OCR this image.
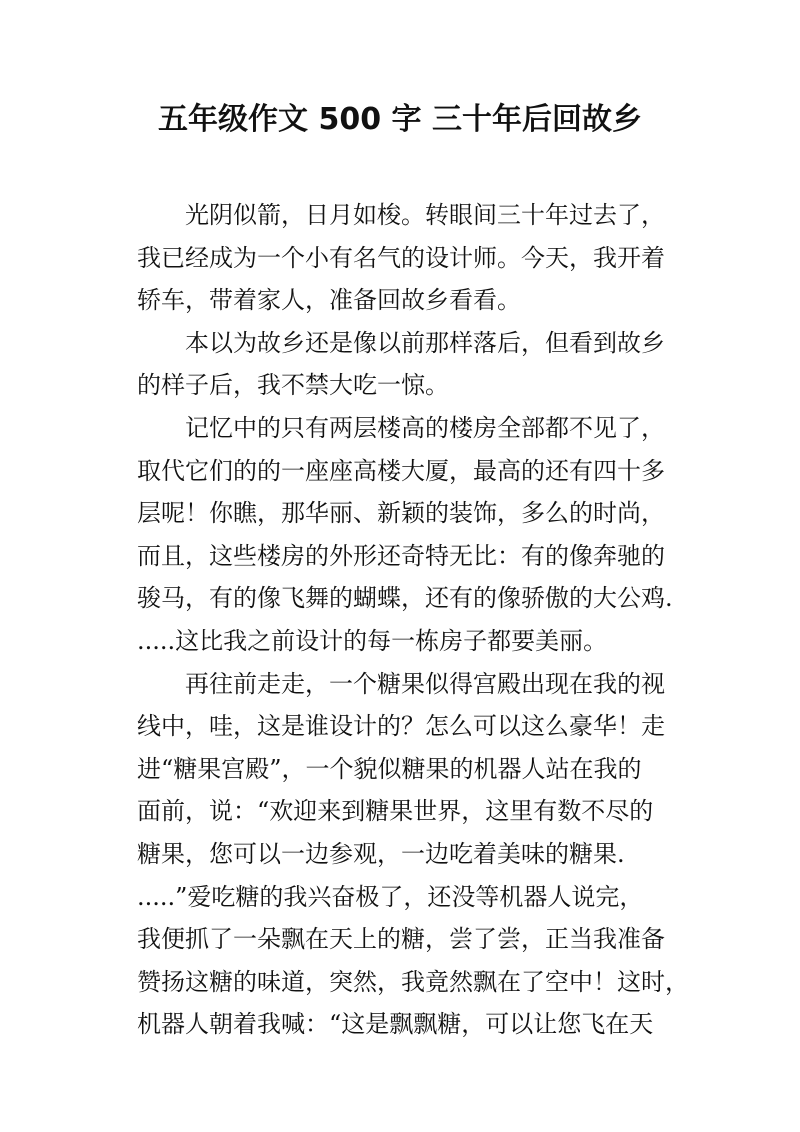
五年级作文 500 字 三十年后回故乡
光阴似箭，日月如梭。转眼间三十年过去了，
我已经成为一个小有名气的设计师。今天，我开着
轿车，带着家人，准备回故乡看看。
本以为故乡还是像以前那样落后，但看到故乡
的样子后，我不禁大吃一惊。
记忆中的只有两层楼高的楼房全部都不见了，
取代它们的的一座座高楼大厦，最高的还有四十多
层呢！你瞧，那华丽、新颖的装饰，多么的时尚，
而且，这些楼房的外形还奇特无比：有的像奔驰的
骏马，有的像飞舞的蝴蝶，还有的像骄傲的大公鸡.
.....这比我之前设计的每一栋房子都要美丽。
再往前走走，一个糖果似得宫殿出现在我的视
线中，哇，这是谁设计的？怎么可以这么豪华！走
进“糖果宫殿”，一个貌似糖果的机器人站在我的
面前，说：“欢迎来到糖果世界，这里有数不尽的
糖果，您可以一边参观，一边吃着美味的糖果.
.....”爱吃糖的我兴奋极了，还没等机器人说完，
我便抓了一朵飘在天上的糖，尝了尝，正当我准备
赞扬这糖的味道，突然，我竟然飘在了空中！这时，
机器人朝着我喊：“这是飘飘糖，可以让您飞在天
